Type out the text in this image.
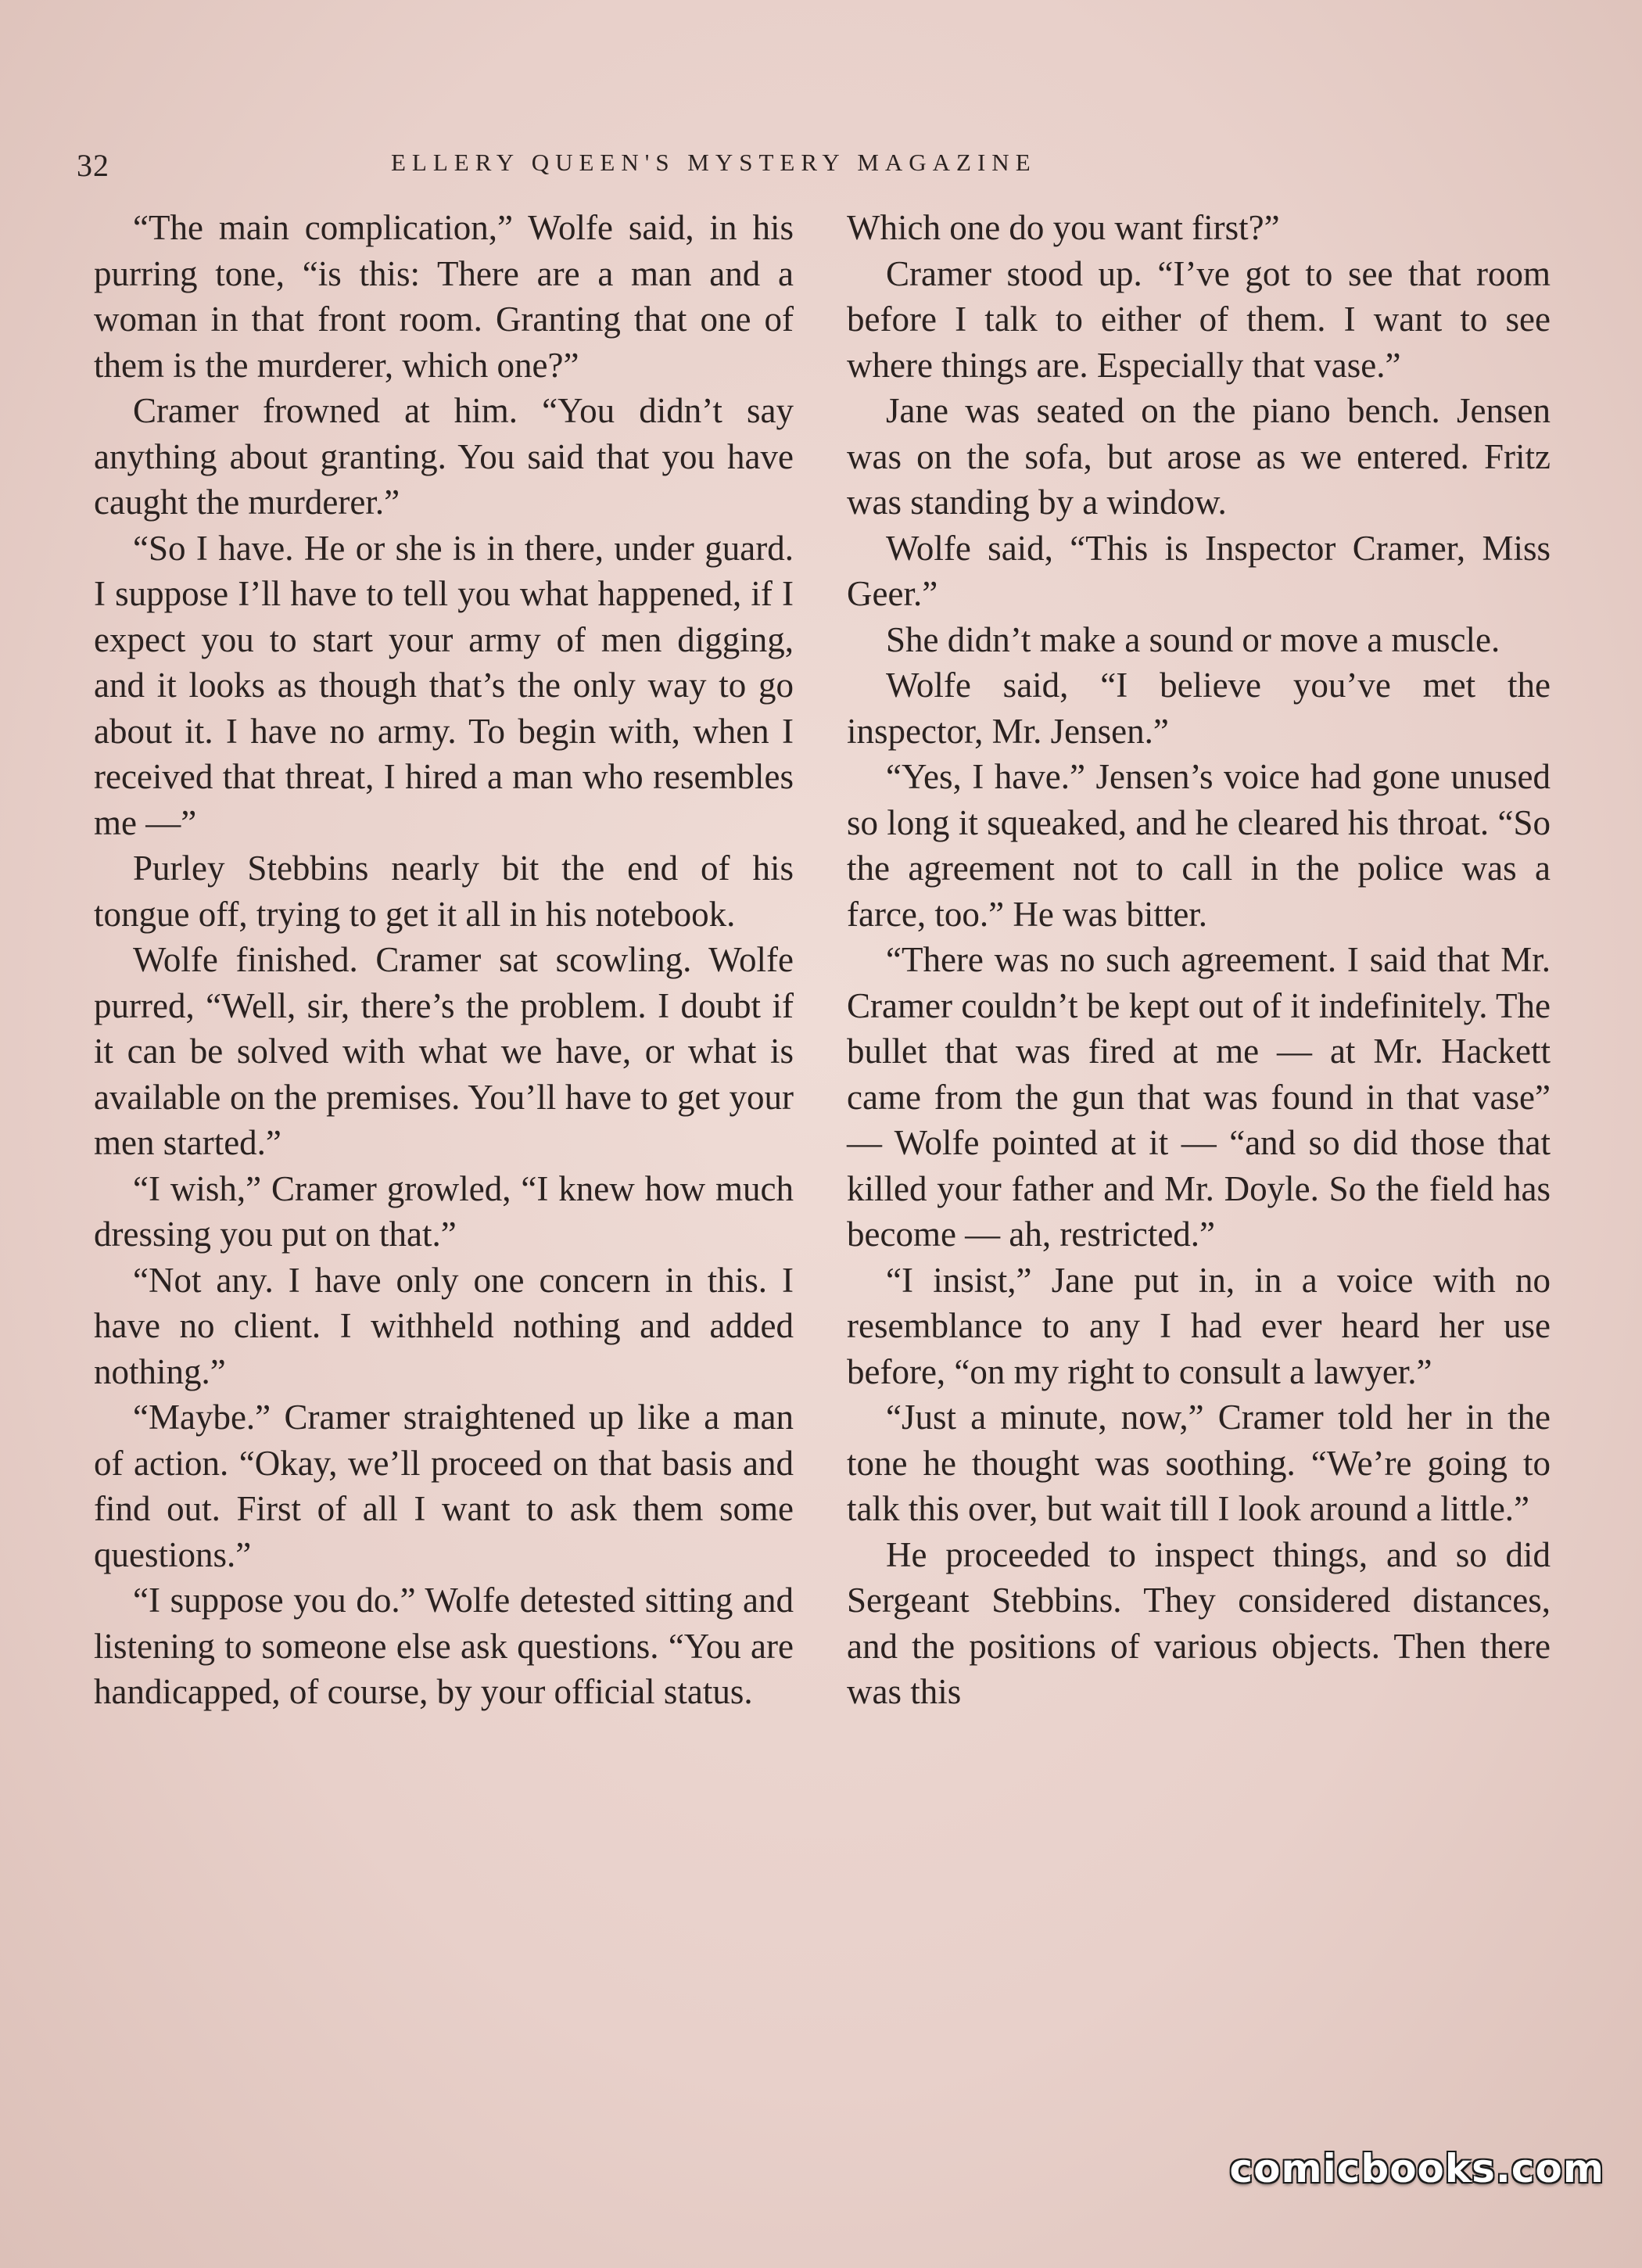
32	ELLERY QUEEN'S MYSTERY MAGAZINE

“The main complication,” Wolfe said, in his purring tone, “is this: There are a man and a woman in that front room. Granting that one of them is the murderer, which one?”

Cramer frowned at him. “You didn’t say anything about granting. You said that you have caught the murderer.”

“So I have. He or she is in there, under guard. I suppose I’ll have to tell you what happened, if I expect you to start your army of men digging, and it looks as though that’s the only way to go about it. I have no army. To begin with, when I received that threat, I hired a man who resembles me —”

Purley Stebbins nearly bit the end of his tongue off, trying to get it all in his notebook.

Wolfe finished. Cramer sat scowling. Wolfe purred, “Well, sir, there’s the problem. I doubt if it can be solved with what we have, or what is available on the premises. You’ll have to get your men started.”

“I wish,” Cramer growled, “I knew how much dressing you put on that.”

“Not any. I have only one concern in this. I have no client. I withheld nothing and added nothing.”

“Maybe.” Cramer straightened up like a man of action. “Okay, we’ll proceed on that basis and find out. First of all I want to ask them some questions.”

“I suppose you do.” Wolfe detested sitting and listening to someone else ask questions. “You are handicapped, of course, by your official status.

Which one do you want first?”

Cramer stood up. “I’ve got to see that room before I talk to either of them. I want to see where things are. Especially that vase.”

Jane was seated on the piano bench. Jensen was on the sofa, but arose as we entered. Fritz was standing by a window.

Wolfe said, “This is Inspector Cramer, Miss Geer.”

She didn’t make a sound or move a muscle.

Wolfe said, “I believe you’ve met the inspector, Mr. Jensen.”

“Yes, I have.” Jensen’s voice had gone unused so long it squeaked, and he cleared his throat. “So the agreement not to call in the police was a farce, too.” He was bitter.

“There was no such agreement. I said that Mr. Cramer couldn’t be kept out of it indefinitely. The bullet that was fired at me — at Mr. Hackett came from the gun that was found in that vase” — Wolfe pointed at it — “and so did those that killed your father and Mr. Doyle. So the field has become — ah, restricted.”

“I insist,” Jane put in, in a voice with no resemblance to any I had ever heard her use before, “on my right to consult a lawyer.”

“Just a minute, now,” Cramer told her in the tone he thought was soothing. “We’re going to talk this over, but wait till I look around a little.”

He proceeded to inspect things, and so did Sergeant Stebbins. They considered distances, and the positions of various objects. Then there was this

comicbooks.com
